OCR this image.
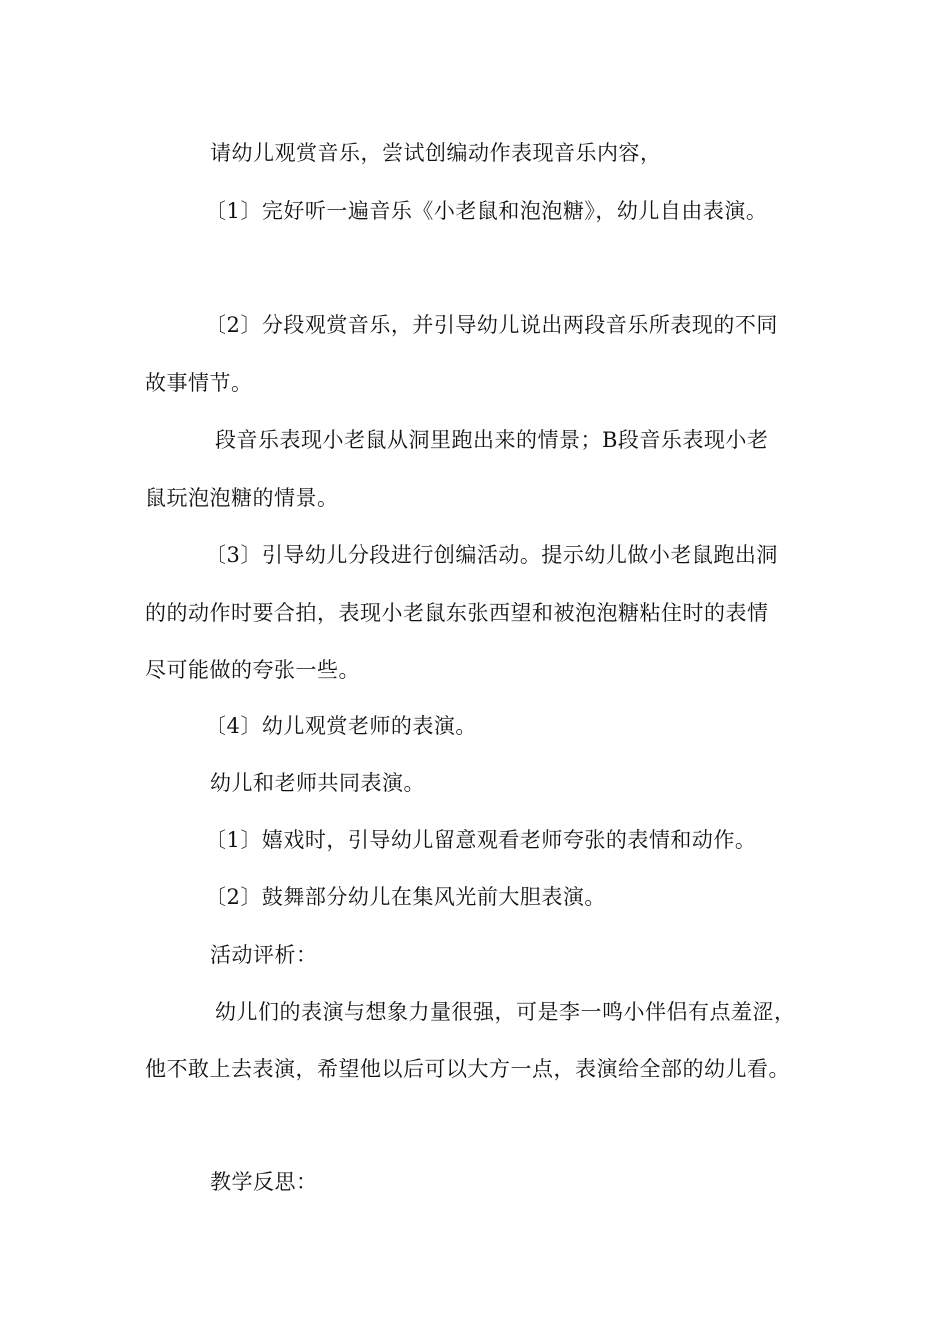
请幼儿观赏音乐，尝试创编动作表现音乐内容，
〔1〕完好听一遍音乐《小老鼠和泡泡糖》，幼儿自由表演。
〔2〕分段观赏音乐，并引导幼儿说出两段音乐所表现的不同
故事情节。
段音乐表现小老鼠从洞里跑出来的情景；B段音乐表现小老
鼠玩泡泡糖的情景。
〔3〕引导幼儿分段进行创编活动。提示幼儿做小老鼠跑出洞
的的动作时要合拍，表现小老鼠东张西望和被泡泡糖粘住时的表情
尽可能做的夸张一些。
〔4〕幼儿观赏老师的表演。
幼儿和老师共同表演。
〔1〕嬉戏时，引导幼儿留意观看老师夸张的表情和动作。
〔2〕鼓舞部分幼儿在集风光前大胆表演。
活动评析：
幼儿们的表演与想象力量很强，可是李一鸣小伴侣有点羞涩，
他不敢上去表演，希望他以后可以大方一点，表演给全部的幼儿看。
教学反思：
